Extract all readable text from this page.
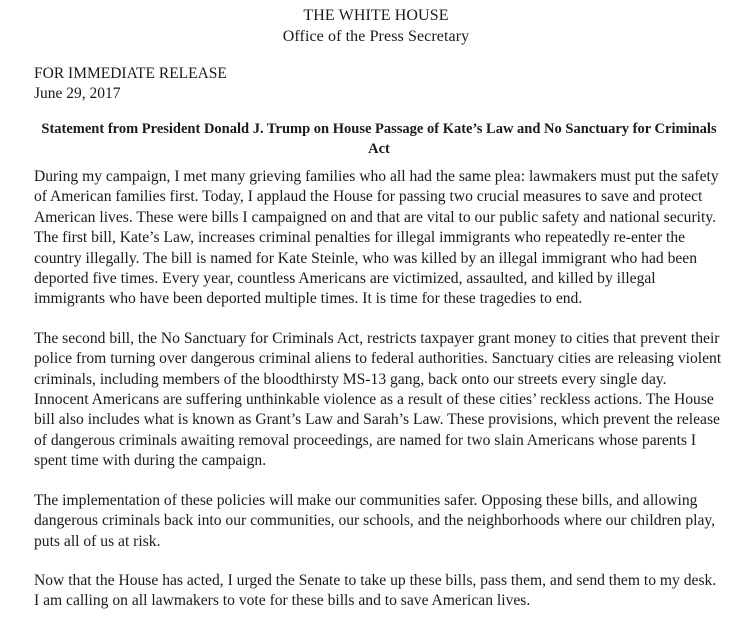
THE WHITE HOUSE
Office of the Press Secretary
FOR IMMEDIATE RELEASE
June 29, 2017
Statement from President Donald J. Trump on House Passage of Kate’s Law and No Sanctuary for Criminals Act

During my campaign, I met many grieving families who all had the same plea: lawmakers must put the safety of American families first. Today, I applaud the House for passing two crucial measures to save and protect American lives. These were bills I campaigned on and that are vital to our public safety and national security. The first bill, Kate’s Law, increases criminal penalties for illegal immigrants who repeatedly re-enter the country illegally. The bill is named for Kate Steinle, who was killed by an illegal immigrant who had been deported five times. Every year, countless Americans are victimized, assaulted, and killed by illegal immigrants who have been deported multiple times. It is time for these tragedies to end.

The second bill, the No Sanctuary for Criminals Act, restricts taxpayer grant money to cities that prevent their police from turning over dangerous criminal aliens to federal authorities. Sanctuary cities are releasing violent criminals, including members of the bloodthirsty MS-13 gang, back onto our streets every single day. Innocent Americans are suffering unthinkable violence as a result of these cities’ reckless actions. The House bill also includes what is known as Grant’s Law and Sarah’s Law. These provisions, which prevent the release of dangerous criminals awaiting removal proceedings, are named for two slain Americans whose parents I spent time with during the campaign.

The implementation of these policies will make our communities safer. Opposing these bills, and allowing dangerous criminals back into our communities, our schools, and the neighborhoods where our children play, puts all of us at risk.

Now that the House has acted, I urged the Senate to take up these bills, pass them, and send them to my desk. I am calling on all lawmakers to vote for these bills and to save American lives.
